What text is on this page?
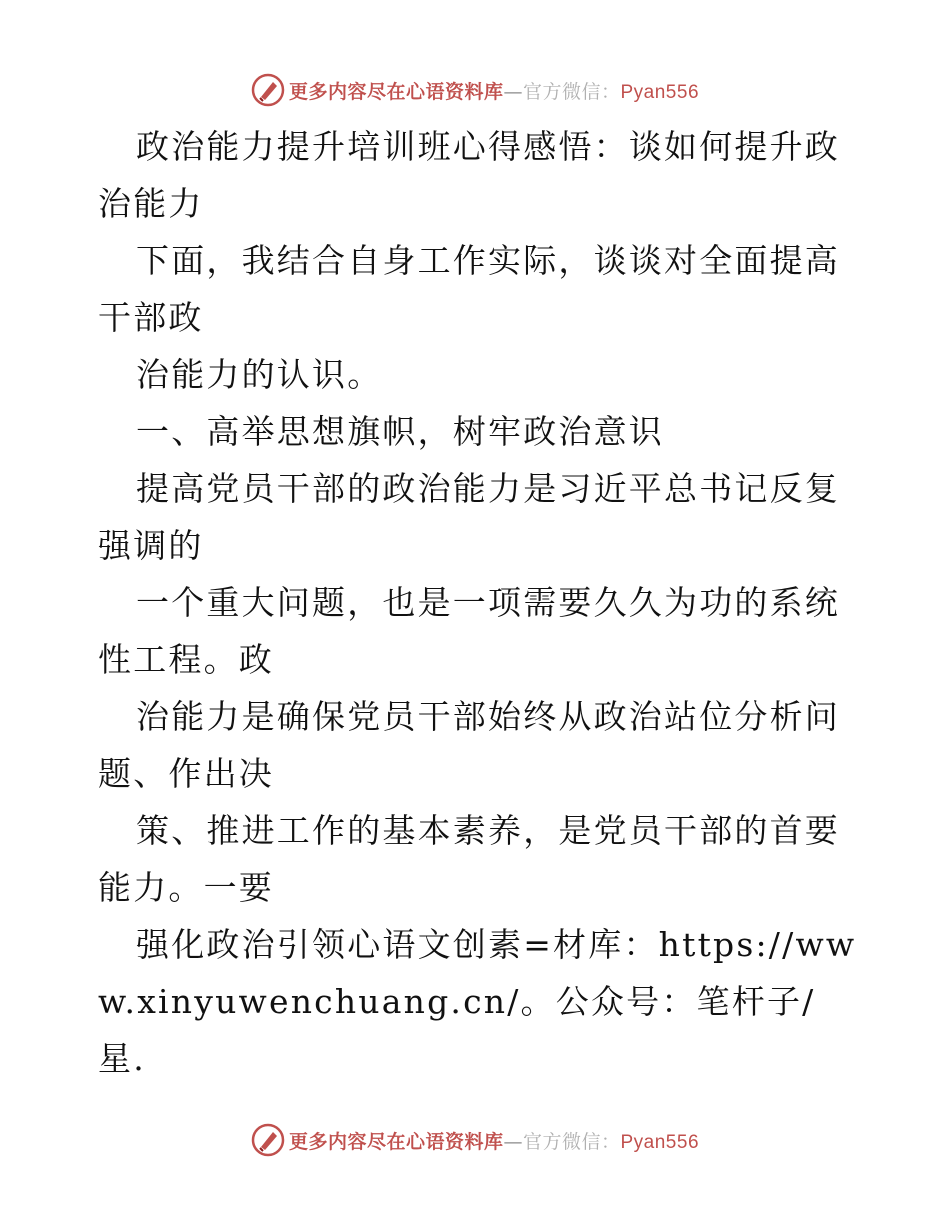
更多内容尽在心语资料库—官方微信：Pyan556

政治能力提升培训班心得感悟：谈如何提升政治能力

下面，我结合自身工作实际，谈谈对全面提高干部政

治能力的认识。

一、高举思想旗帜，树牢政治意识

提高党员干部的政治能力是习近平总书记反复强调的

一个重大问题，也是一项需要久久为功的系统性工程。政

治能力是确保党员干部始终从政治站位分析问题、作出决

策、推进工作的基本素养，是党员干部的首要能力。一要

强化政治引领心语文创素=材库：https://www.xinyuwenchuang.cn/。公众号：笔杆子/星.

更多内容尽在心语资料库—官方微信：Pyan556
